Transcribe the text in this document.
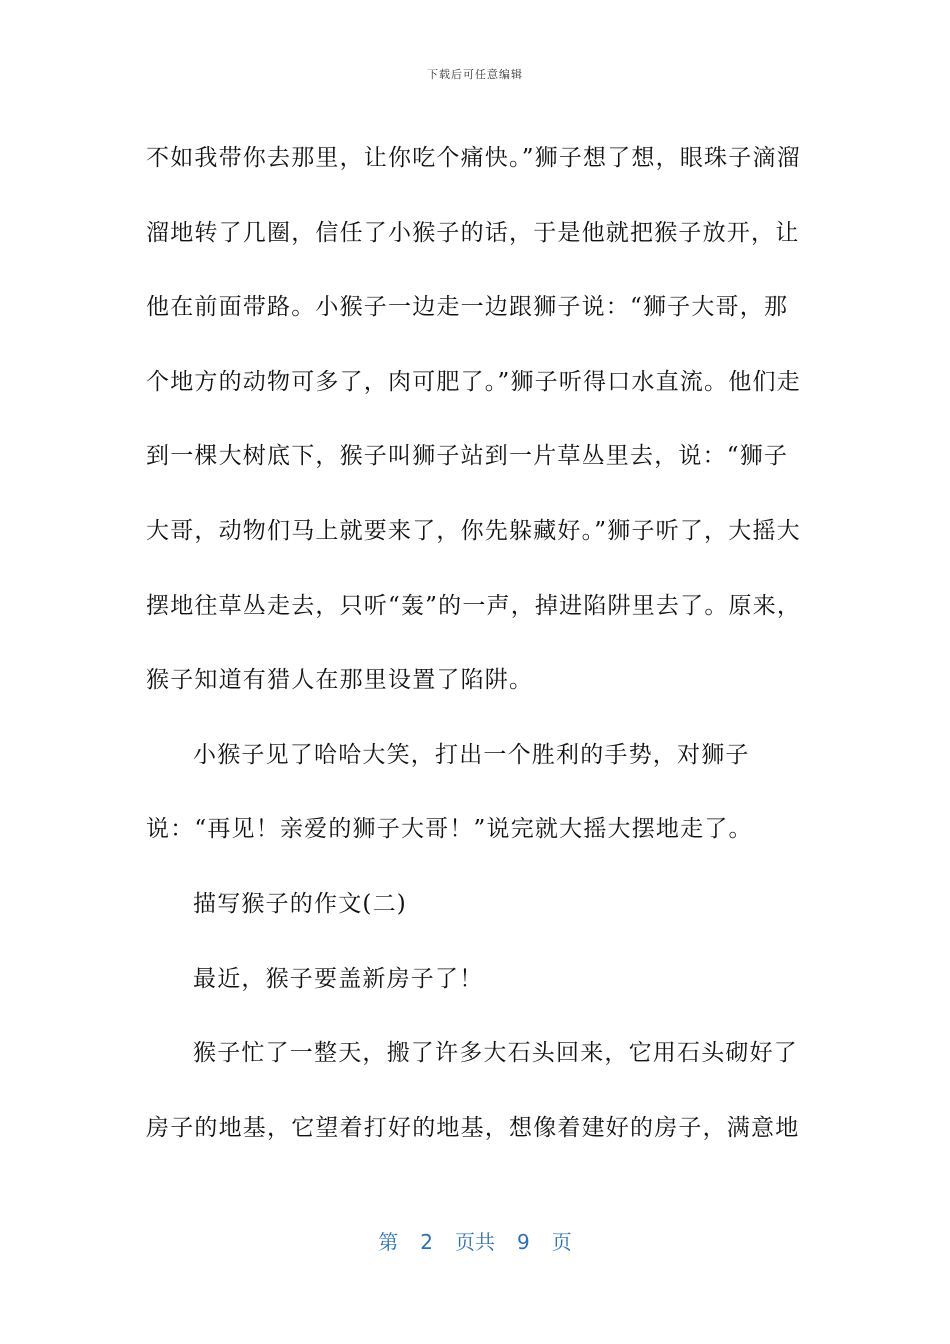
下载后可任意编辑

不如我带你去那里，让你吃个痛快。”狮子想了想，眼珠子滴溜溜地转了几圈，信任了小猴子的话，于是他就把猴子放开，让他在前面带路。小猴子一边走一边跟狮子说：“狮子大哥，那个地方的动物可多了，肉可肥了。”狮子听得口水直流。他们走到一棵大树底下，猴子叫狮子站到一片草丛里去，说：“狮子大哥，动物们马上就要来了，你先躲藏好。”狮子听了，大摇大摆地往草丛走去，只听“轰”的一声，掉进陷阱里去了。原来，猴子知道有猎人在那里设置了陷阱。

小猴子见了哈哈大笑，打出一个胜利的手势，对狮子说：“再见！亲爱的狮子大哥！”说完就大摇大摆地走了。

描写猴子的作文(二)

最近，猴子要盖新房子了！

猴子忙了一整天，搬了许多大石头回来，它用石头砌好了房子的地基，它望着打好的地基，想像着建好的房子，满意地

第 2 页共 9 页
